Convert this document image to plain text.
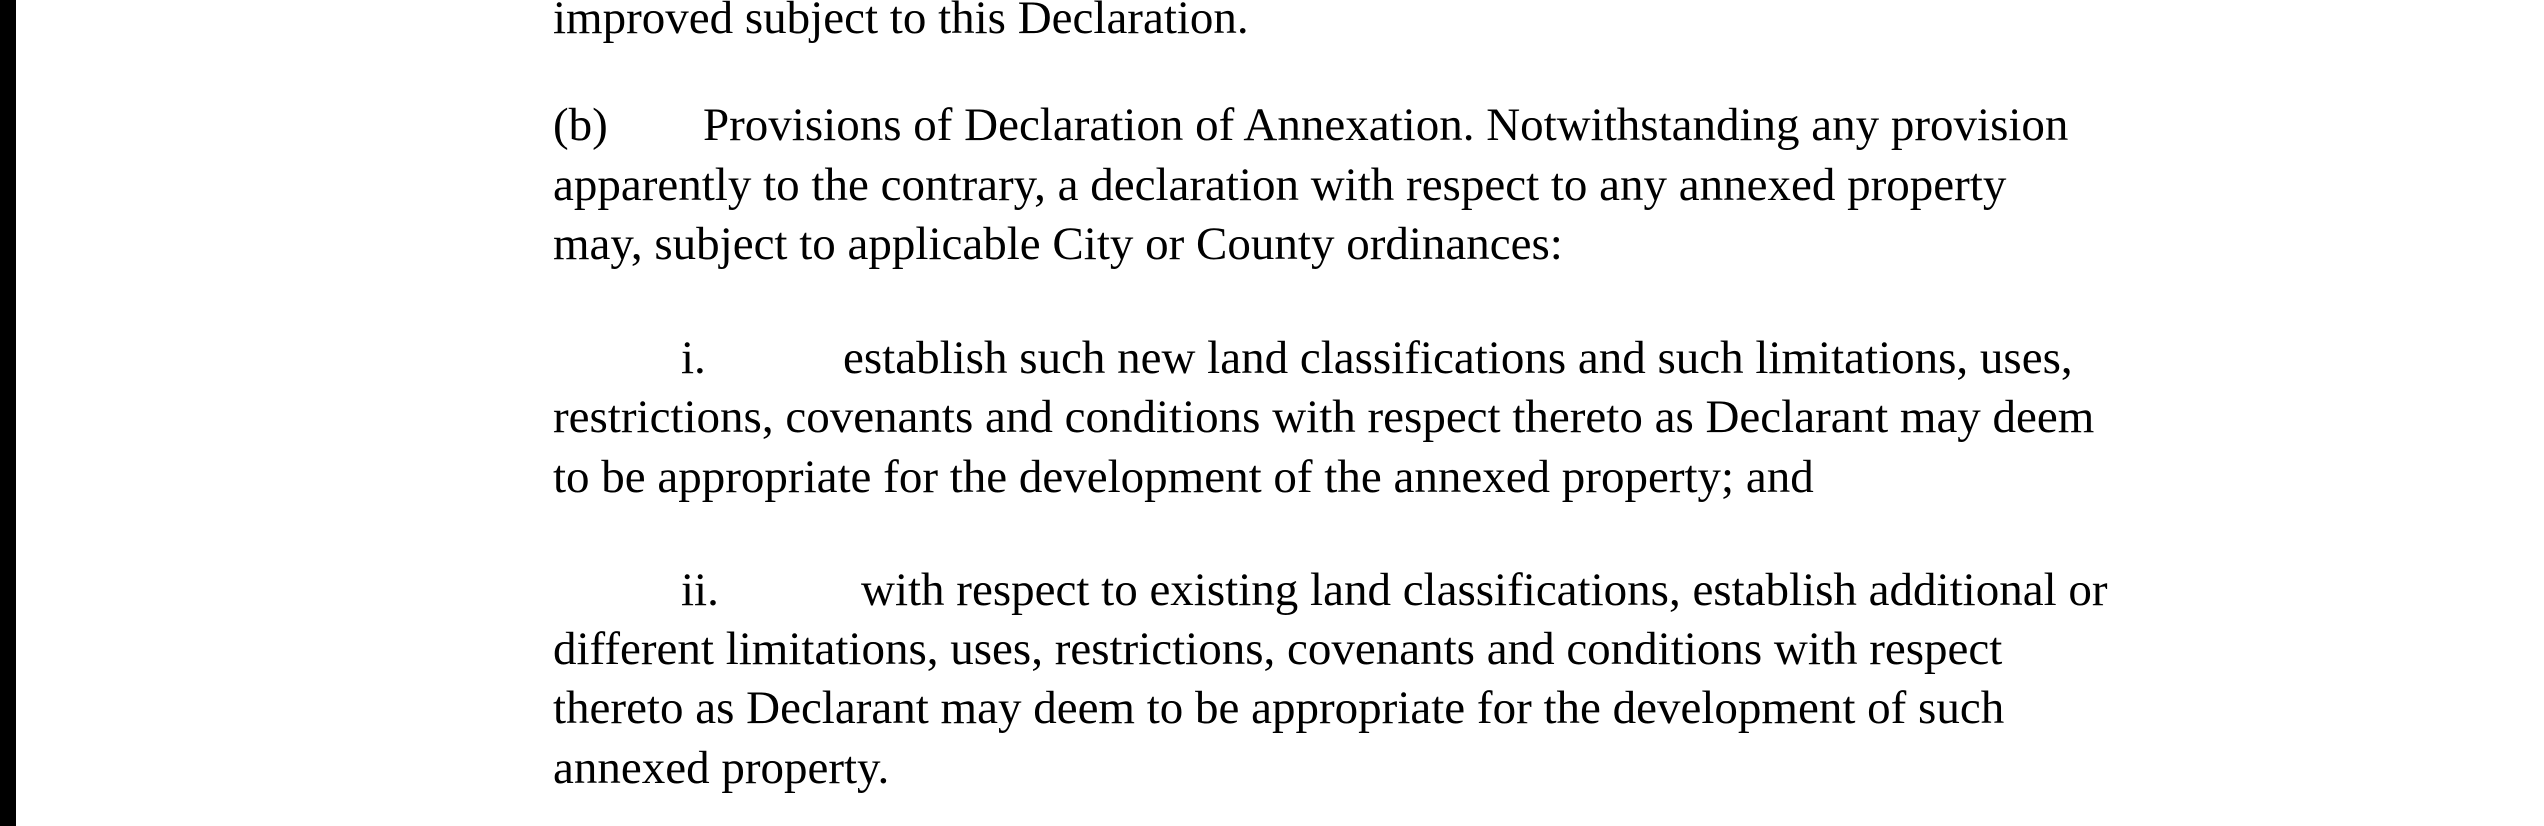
improved subject to this Declaration.
(b) Provisions of Declaration of Annexation. Notwithstanding any provision
apparently to the contrary, a declaration with respect to any annexed property
may, subject to applicable City or County ordinances:
i.	establish such new land classifications and such limitations, uses,
restrictions, covenants and conditions with respect thereto as Declarant may deem
to be appropriate for the development of the annexed property; and
ii.	with respect to existing land classifications, establish additional or
different limitations, uses, restrictions, covenants and conditions with respect
thereto as Declarant may deem to be appropriate for the development of such
annexed property.
